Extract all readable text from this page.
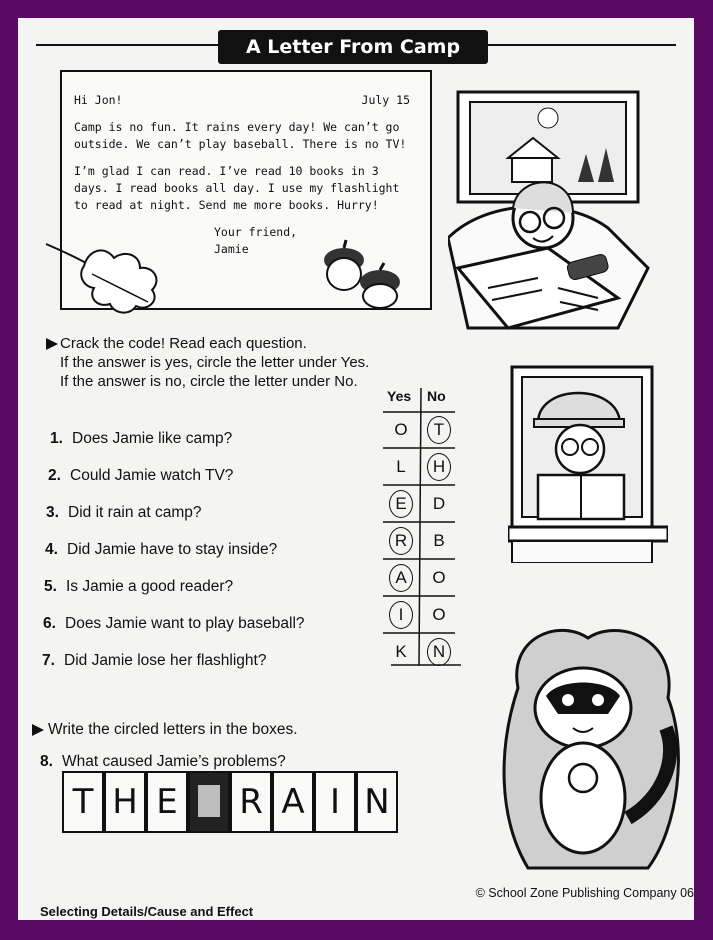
A Letter From Camp

Hi Jon!	July 15

Camp is no fun. It rains every day! We can’t go outside. We can’t play baseball. There is no TV!

I’m glad I can read. I’ve read 10 books in 3 days. I read books all day. I use my flashlight to read at night. Send me more books. Hurry!

Your friend,
Jamie
Crack the code! Read each question.
If the answer is yes, circle the letter under Yes.
If the answer is no, circle the letter under No.
1. Does Jamie like camp?
2. Could Jamie watch TV?
3. Did it rain at camp?
4. Did Jamie have to stay inside?
5. Is Jamie a good reader?
6. Does Jamie want to play baseball?
7. Did Jamie lose her flashlight?
Yes No
O	T
L	H
E	D
R	B
A	O
I	O
K	N
Write the circled letters in the boxes.
8. What caused Jamie’s problems?
T H E	R A I N
© School Zone Publishing Company 06
Selecting Details/Cause and Effect
